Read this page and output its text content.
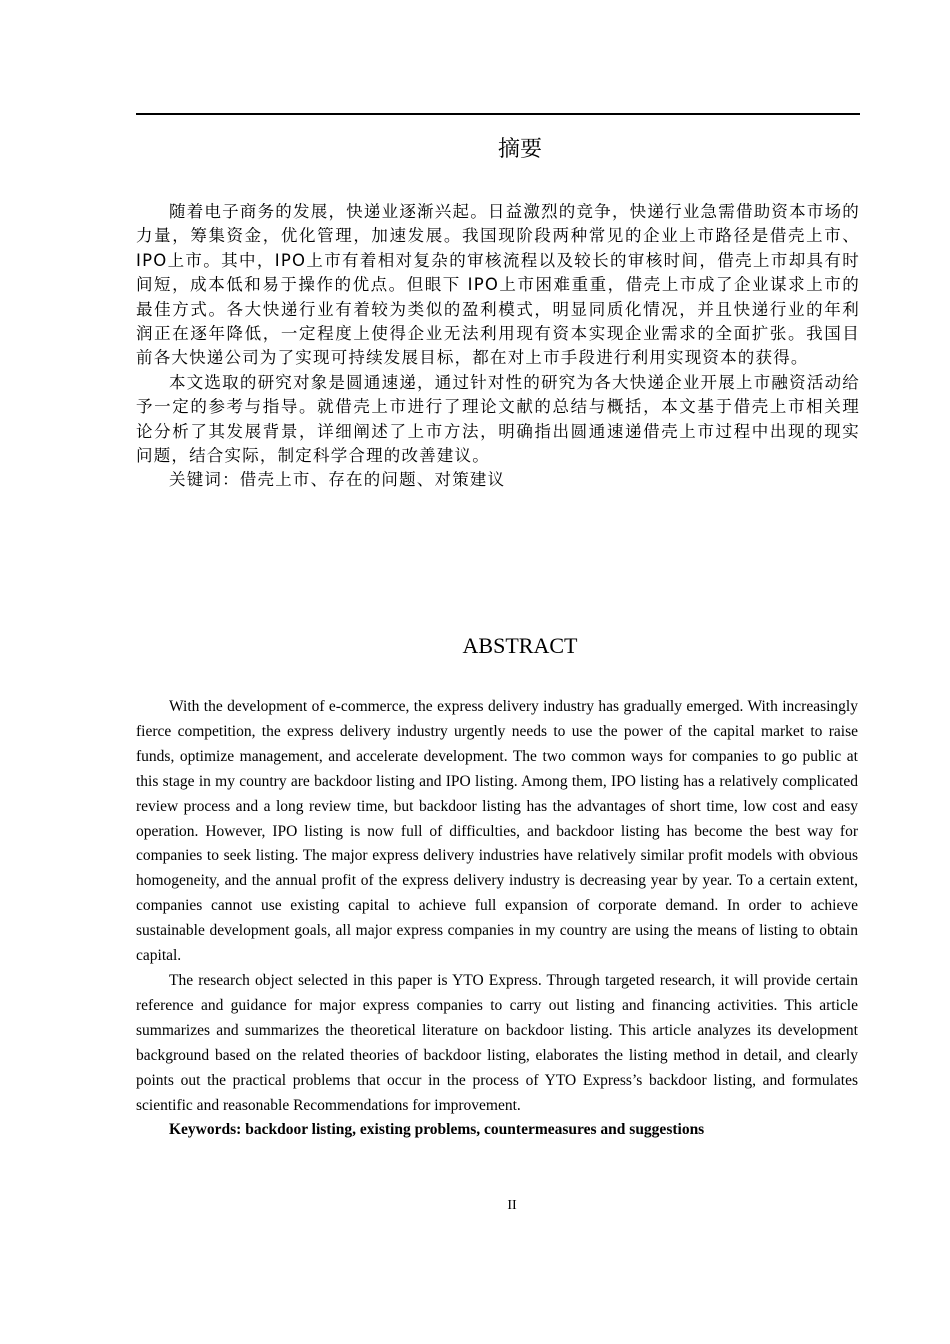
摘要

随着电子商务的发展，快递业逐渐兴起。日益激烈的竞争，快递行业急需借助资本市场的力量，筹集资金，优化管理，加速发展。我国现阶段两种常见的企业上市路径是借壳上市、IPO上市。其中，IPO上市有着相对复杂的审核流程以及较长的审核时间，借壳上市却具有时间短，成本低和易于操作的优点。但眼下 IPO上市困难重重，借壳上市成了企业谋求上市的最佳方式。各大快递行业有着较为类似的盈利模式，明显同质化情况，并且快递行业的年利润正在逐年降低，一定程度上使得企业无法利用现有资本实现企业需求的全面扩张。我国目前各大快递公司为了实现可持续发展目标，都在对上市手段进行利用实现资本的获得。

本文选取的研究对象是圆通速递，通过针对性的研究为各大快递企业开展上市融资活动给予一定的参考与指导。就借壳上市进行了理论文献的总结与概括，本文基于借壳上市相关理论分析了其发展背景，详细阐述了上市方法，明确指出圆通速递借壳上市过程中出现的现实问题，结合实际，制定科学合理的改善建议。

关键词：借壳上市、存在的问题、对策建议

ABSTRACT

With the development of e-commerce, the express delivery industry has gradually emerged. With increasingly fierce competition, the express delivery industry urgently needs to use the power of the capital market to raise funds, optimize management, and accelerate development. The two common ways for companies to go public at this stage in my country are backdoor listing and IPO listing. Among them, IPO listing has a relatively complicated review process and a long review time, but backdoor listing has the advantages of short time, low cost and easy operation. However, IPO listing is now full of difficulties, and backdoor listing has become the best way for companies to seek listing. The major express delivery industries have relatively similar profit models with obvious homogeneity, and the annual profit of the express delivery industry is decreasing year by year. To a certain extent, companies cannot use existing capital to achieve full expansion of corporate demand. In order to achieve sustainable development goals, all major express companies in my country are using the means of listing to obtain capital.

The research object selected in this paper is YTO Express. Through targeted research, it will provide certain reference and guidance for major express companies to carry out listing and financing activities. This article summarizes and summarizes the theoretical literature on backdoor listing. This article analyzes its development background based on the related theories of backdoor listing, elaborates the listing method in detail, and clearly points out the practical problems that occur in the process of YTO Express’s backdoor listing, and formulates scientific and reasonable Recommendations for improvement.

Keywords: backdoor listing, existing problems, countermeasures and suggestions

II
